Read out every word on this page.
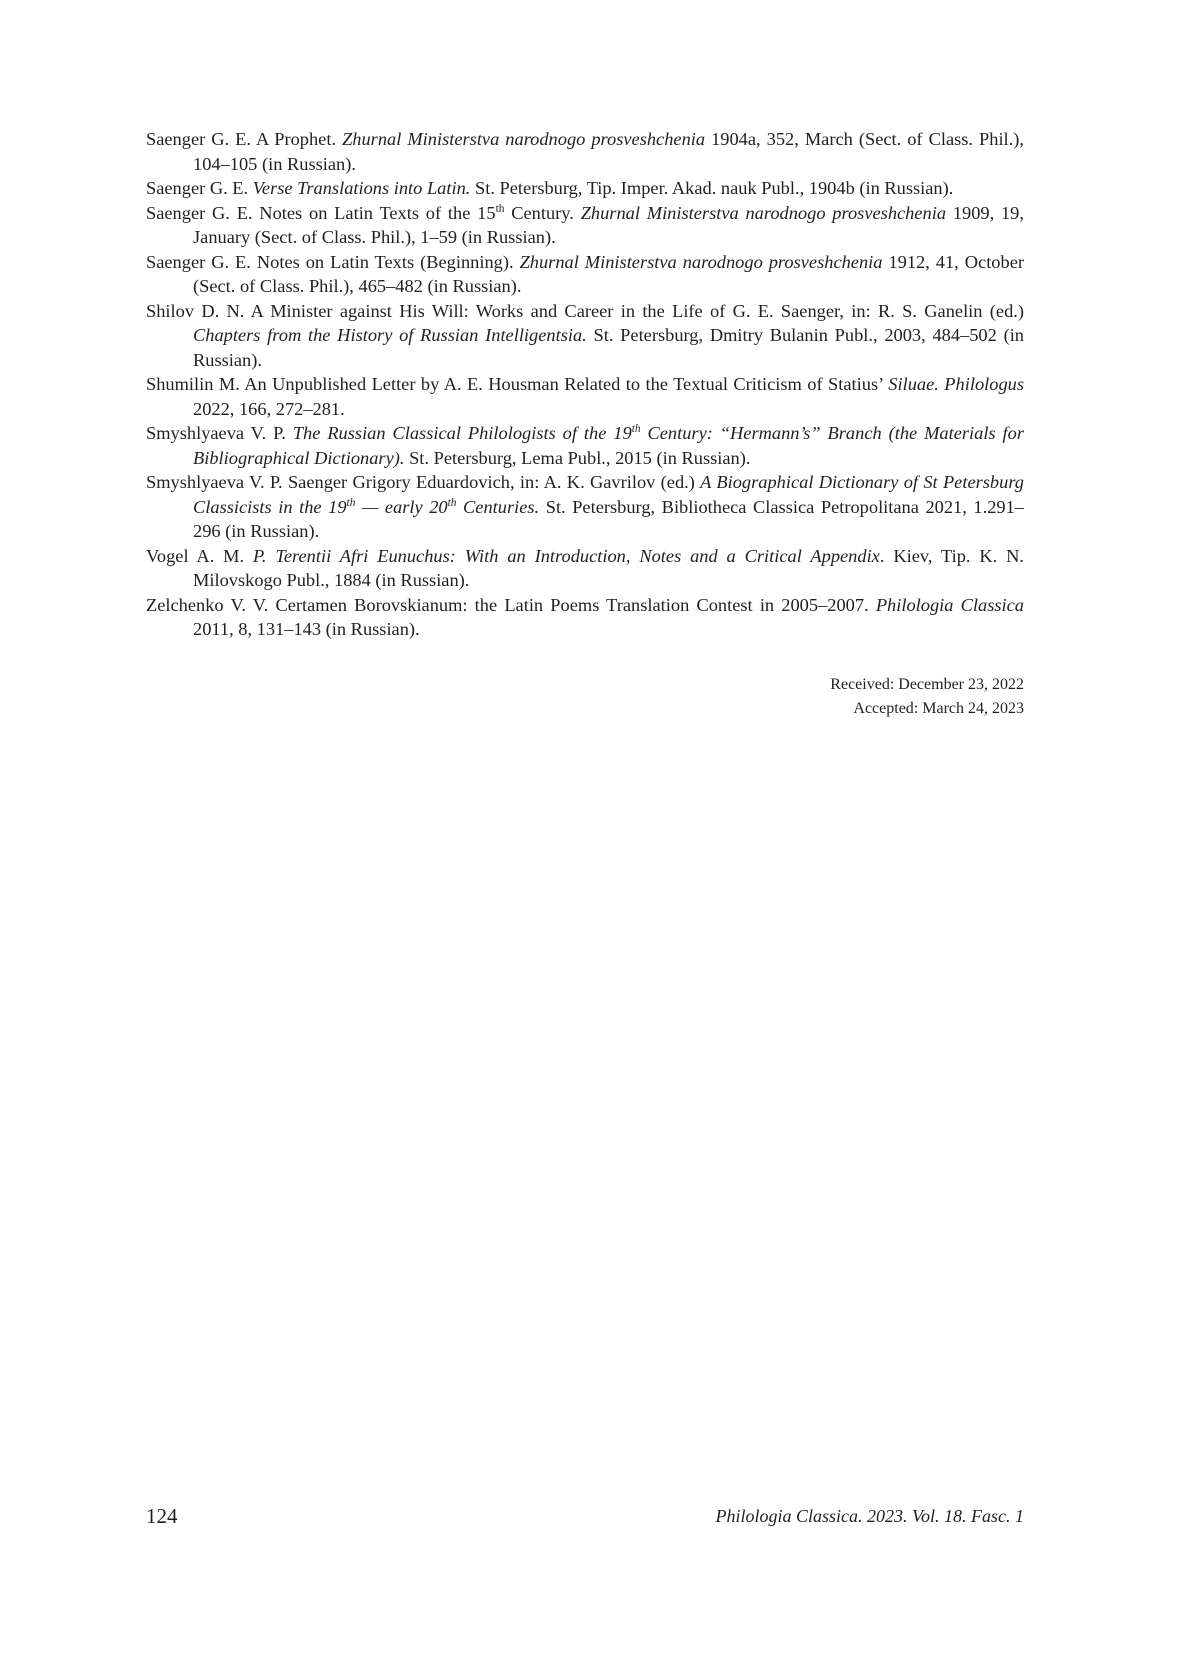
Saenger G. E. A Prophet. Zhurnal Ministerstva narodnogo prosveshchenia 1904a, 352, March (Sect. of Class. Phil.), 104–105 (in Russian).

Saenger G. E. Verse Translations into Latin. St. Petersburg, Tip. Imper. Akad. nauk Publ., 1904b (in Russian).

Saenger G. E. Notes on Latin Texts of the 15th Century. Zhurnal Ministerstva narodnogo prosveshchenia 1909, 19, January (Sect. of Class. Phil.), 1–59 (in Russian).

Saenger G. E. Notes on Latin Texts (Beginning). Zhurnal Ministerstva narodnogo prosveshchenia 1912, 41, October (Sect. of Class. Phil.), 465–482 (in Russian).

Shilov D. N. A Minister against His Will: Works and Career in the Life of G. E. Saenger, in: R. S. Ganelin (ed.) Chapters from the History of Russian Intelligentsia. St. Petersburg, Dmitry Bulanin Publ., 2003, 484–502 (in Russian).

Shumilin M. An Unpublished Letter by A. E. Housman Related to the Textual Criticism of Statius’ Siluae. Philologus 2022, 166, 272–281.

Smyshlyaeva V. P. The Russian Classical Philologists of the 19th Century: “Hermann’s” Branch (the Materials for Bibliographical Dictionary). St. Petersburg, Lema Publ., 2015 (in Russian).

Smyshlyaeva V. P. Saenger Grigory Eduardovich, in: A. K. Gavrilov (ed.) A Biographical Dictionary of St Petersburg Classicists in the 19th — early 20th Centuries. St. Petersburg, Bibliotheca Classica Petropolitana 2021, 1.291–296 (in Russian).

Vogel A. M. P. Terentii Afri Eunuchus: With an Introduction, Notes and a Critical Appendix. Kiev, Tip. K. N. Milovskogo Publ., 1884 (in Russian).

Zelchenko V. V. Certamen Borovskianum: the Latin Poems Translation Contest in 2005–2007. Philologia Classica 2011, 8, 131–143 (in Russian).

Received: December 23, 2022
Accepted: March 24, 2023
124	Philologia Classica. 2023. Vol. 18. Fasc. 1
